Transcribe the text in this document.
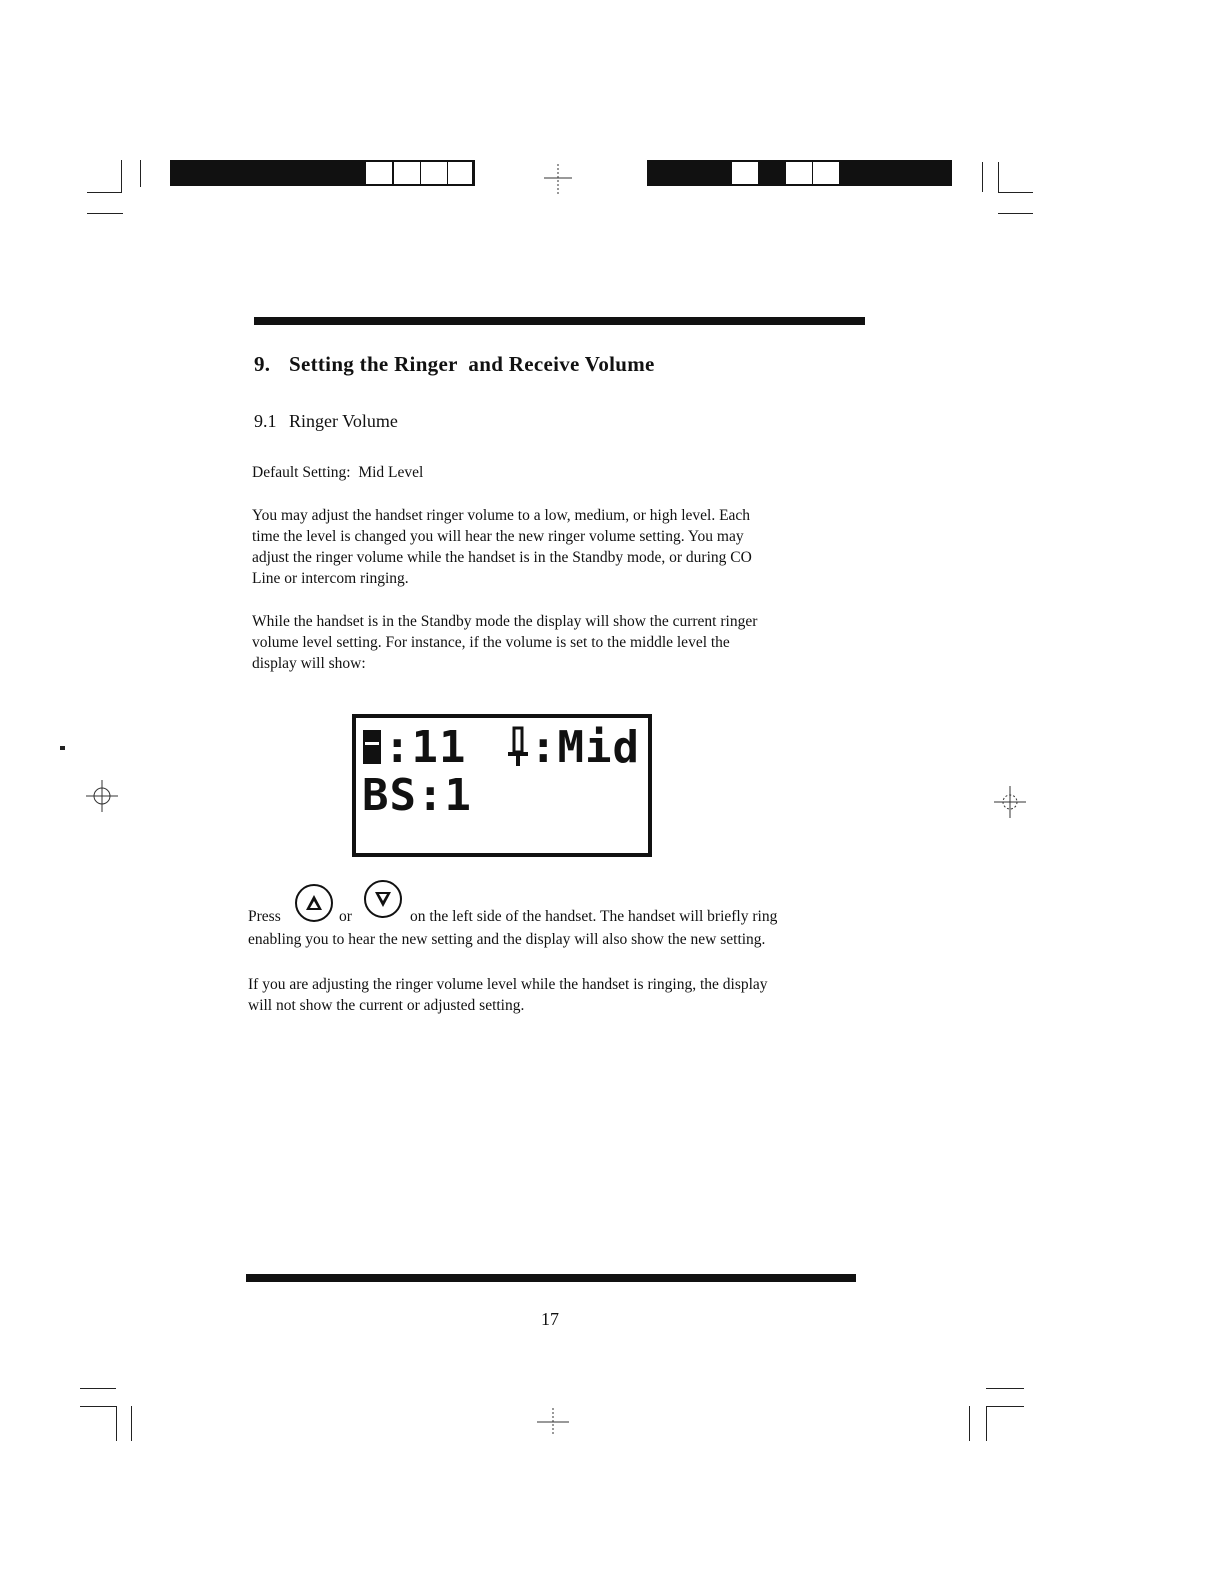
9. Setting the Ringer  and Receive Volume
9.1 Ringer Volume
Default Setting:  Mid Level
You may adjust the handset ringer volume to a low, medium, or high level. Each
time the level is changed you will hear the new ringer volume setting. You may
adjust the ringer volume while the handset is in the Standby mode, or during CO
Line or intercom ringing.
While the handset is in the Standby mode the display will show the current ringer
volume level setting. For instance, if the volume is set to the middle level the
display will show:
:11 :Mid
BS:1
Press	or	on the left side of the handset. The handset will briefly ring
enabling you to hear the new setting and the display will also show the new setting.
If you are adjusting the ringer volume level while the handset is ringing, the display
will not show the current or adjusted setting.
17
